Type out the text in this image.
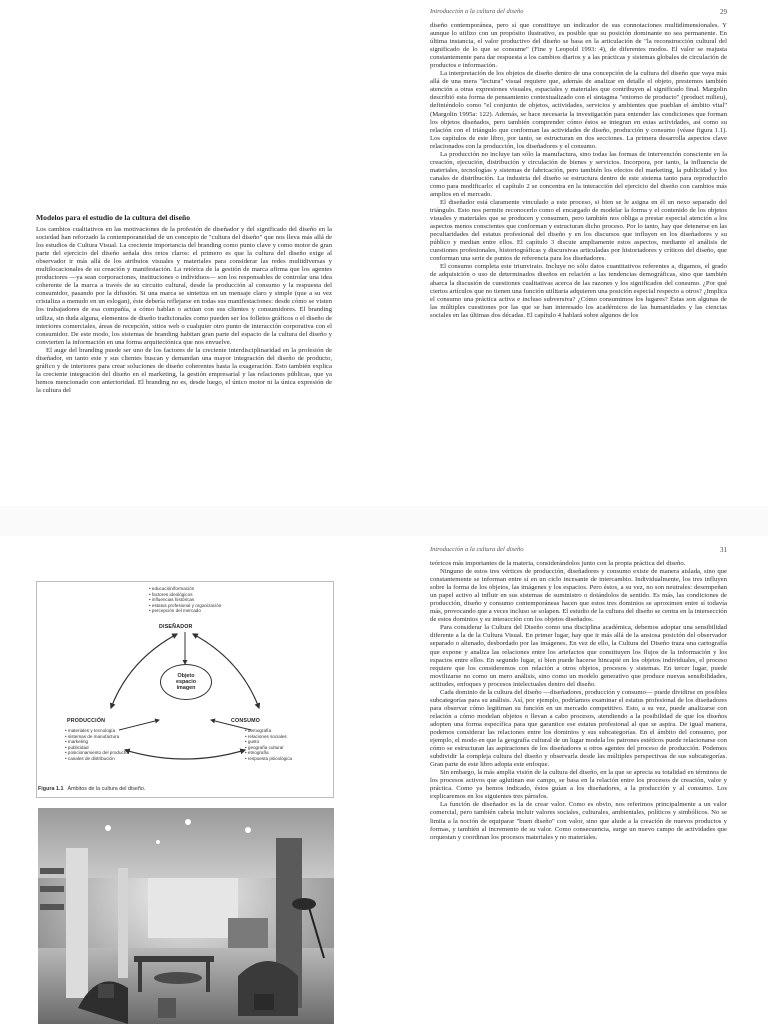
Modelos para el estudio de la cultura del diseño

Los cambios cualitativos en las motivaciones de la profesión de diseñador y del significado del diseño en la sociedad han reforzado la contemporaneidad de un concepto de "cultura del diseño" que nos lleva más allá de los estudios de Cultura Visual. La creciente importancia del branding como punto clave y como motor de gran parte del ejercicio del diseño señala dos retos claros: el primero es que la cultura del diseño exige al observador ir más allá de los atributos visuales y materiales para considerar las redes multidiversas y multilocacionales de su creación y manifestación. La retórica de la gestión de marca afirma que los agentes productores —ya sean corporaciones, instituciones o individuos— son los responsables de controlar una idea coherente de la marca a través de su circuito cultural, desde la producción al consumo y la respuesta del consumidor, pasando por la difusión. Si una marca se sintetiza en un mensaje claro y simple (que a su vez cristaliza a menudo en un eslogan), éste debería reflejarse en todas sus manifestaciones: desde cómo se visten los trabajadores de esa compañía, a cómo hablan o actúan con sus clientes y consumidores. El branding utiliza, sin duda alguna, elementos de diseño tradicionales como pueden ser los folletos gráficos o el diseño de interiores comerciales, áreas de recepción, sitios web o cualquier otro punto de interacción corporativa con el consumidor. De este modo, los sistemas de branding habitan gran parte del espacio de la cultura del diseño y convierten la información en una forma arquitectónica que nos envuelve.

El auge del branding puede ser uno de los factores de la creciente interdisciplinaridad en la profesión de diseñador, en tanto este y sus clientes buscan y demandan una mayor integración del diseño de producto, gráfico y de interiores para crear soluciones de diseño coherentes hasta la exageración. Esto también explica la creciente integración del diseño en el marketing, la gestión empresarial y las relaciones públicas, que ya hemos mencionado con anterioridad. El branding no es, desde luego, el único motor ni la única expresión de la cultura del

Introducción a la cultura del diseño	29

diseño contemporánea, pero sí que constituye un indicador de sus connotaciones multidimensionales. Y aunque lo utilizo con un propósito ilustrativo, es posible que su posición dominante no sea permanente. En última instancia, el valor productivo del diseño se basa en la articulación de "la reconstrucción cultural del significado de lo que se consume" (Fine y Leopold 1993: 4), de diferentes modos. El valor se reajusta constantemente para dar respuesta a los cambios diarios y a las prácticas y sistemas globales de circulación de productos e información.

La interpretación de los objetos de diseño dentro de una concepción de la cultura del diseño que vaya más allá de una mera "lectura" visual requiere que, además de analizar en detalle el objeto, prestemos también atención a otras expresiones visuales, espaciales y materiales que contribuyen al significado final. Margolin describió esta forma de pensamiento contextualizado con el sintagma "entorno de producto" (product milieu), definiéndolo como "el conjunto de objetos, actividades, servicios y ambientes que pueblan el ámbito vital" (Margolin 1995a: 122). Además, se hace necesaria la investigación para entender las condiciones que forman los objetos diseñados, pero también comprender cómo éstos se integran en estas actividades, así como su relación con el triángulo que conforman las actividades de diseño, producción y consumo (véase figura 1.1). Los capítulos de este libro, por tanto, se estructuran en dos secciones. La primera desarrolla aspectos clave relacionados con la producción, los diseñadores y el consumo.

La producción no incluye tan sólo la manufactura, sino todas las formas de intervención consciente en la creación, ejecución, distribución y circulación de bienes y servicios. Incorpora, por tanto, la influencia de materiales, tecnologías y sistemas de fabricación, pero también los efectos del marketing, la publicidad y los canales de distribución. La industria del diseño se estructura dentro de este sistema tanto para reproducirlo como para modificarlo: el capítulo 2 se concentra en la interacción del ejercicio del diseño con cambios más amplios en el mercado.

El diseñador está claramente vinculado a este proceso, si bien se le asigna en él un nexo separado del triángulo. Esto nos permite reconocerlo como el encargado de modelar la forma y el contenido de los objetos visuales y materiales que se producen y consumen, pero también nos obliga a prestar especial atención a los aspectos menos conscientes que conforman y estructuran dicho proceso. Por lo tanto, hay que detenerse en las peculiaridades del estatus profesional del diseño y en los discursos que influyen en los diseñadores y su público y median entre ellos. El capítulo 3 discute ampliamente estos aspectos, mediante el análisis de cuestiones profesionales, historiográficas y discursivas articuladas por historiadores y críticos del diseño, que conforman una serie de puntos de referencia para los diseñadores.

El consumo completa este triunvirato. Incluye no sólo datos cuantitativos referentes a, digamos, el grado de adquisición o uso de determinados diseños en relación a las tendencias demográficas, sino que también abarca la discusión de cuestiones cualitativas acerca de las razones y los significados del consumo. ¿Por qué ciertos artículos que no tienen una función utilitaria adquieren una posición especial respecto a otros? ¿Implica el consumo una práctica activa e incluso subversiva? ¿Cómo consumimos los lugares? Éstas son algunas de las múltiples cuestiones por las que se han interesado los académicos de las humanidades y las ciencias sociales en las últimas dos décadas. El capítulo 4 hablará sobre algunos de los

• educación/formación
• factores ideológicos
• influencias históricas
• estatus profesional y organización
• percepción del mercado
DISEÑADOR
Objeto
espacio
imagen
PRODUCCIÓN
• materiales y tecnología
• sistemas de manufactura
• marketing
• publicidad
• posicionamiento del producto
• canales de distribución
CONSUMO
• demografía
• relaciones sociales
• gusto
• geografía cultural
• etnografía
• respuesta psicológica
Figura 1.1 Ámbitos de la cultura del diseño.
Introducción a la cultura del diseño	31

teóricos más importantes de la materia, considerándolos junto con la propia práctica del diseño.

Ninguno de estos tres vértices de producción, diseñadores y consumo existe de manera aislada, sino que constantemente se informan entre sí en un ciclo incesante de intercambio. Individualmente, los tres influyen sobre la forma de los objetos, las imágenes y los espacios. Pero éstos, a su vez, no son neutrales: desempeñan un papel activo al influir en sus sistemas de suministro o dotándolos de sentido. Es más, las condiciones de producción, diseño y consumo contemporáneas hacen que estos tres dominios se aproximen entre sí todavía más, provocando que a veces incluso se solapen. El estudio de la cultura del diseño se centra en la intersección de estos dominios y su interacción con los objetos diseñados.

Para considerar la Cultura del Diseño como una disciplina académica, debemos adoptar una sensibilidad diferente a la de la Cultura Visual. En primer lugar, hay que ir más allá de la ansiosa posición del observador separado o alienado, desbordado por las imágenes. En vez de ello, la Cultura del Diseño traza una cartografía que expone y analiza las relaciones entre los artefactos que constituyen los flujos de la información y los espacios entre ellos. En segundo lugar, si bien puede hacerse hincapié en los objetos individuales, el proceso requiere que los consideremos con relación a otros objetos, procesos y sistemas. En tercer lugar, puede movilizarse no como un mero análisis, sino como un modelo generativo que produce nuevas sensibilidades, actitudes, enfoques y procesos intelectuales dentro del diseño.

Cada dominio de la cultura del diseño —diseñadores, producción y consumo— puede dividirse en posibles subcategorías para su análisis. Así, por ejemplo, podríamos examinar el estatus profesional de los diseñadores para observar cómo legitiman su función en un mercado competitivo. Esto, a su vez, puede analizarse con relación a cómo modelan objetos o llevan a cabo procesos, atendiendo a la posibilidad de que los diseños adopten una forma específica para que garantice ese estatus profesional al que se aspira. De igual manera, podemos considerar las relaciones entre los dominios y sus subcategorías. En el ámbito del consumo, por ejemplo, el modo en que la geografía cultural de un lugar modela los patrones estéticos puede relacionarse con cómo se estructuran las aspiraciones de los diseñadores u otros agentes del proceso de producción. Podemos subdividir la compleja cultura del diseño y observarla desde las múltiples perspectivas de sus subcategorías. Gran parte de este libro adopta este enfoque.

Sin embargo, la más amplia visión de la cultura del diseño, en la que se aprecia su totalidad en términos de los procesos activos que aglutinan ese campo, se basa en la relación entre los procesos de creación, valor y práctica. Como ya hemos indicado, éstos guían a los diseñadores, a la producción y al consumo. Los explicaremos en los siguientes tres párrafos.

La función de diseñador es la de crear valor. Como es obvio, nos referimos principalmente a un valor comercial, pero también cabría incluir valores sociales, culturales, ambientales, políticos y simbólicos. No se limita a la noción de equiparar "buen diseño" con valor, sino que alude a la creación de nuevos productos y formas, y también al incremento de su valor. Como consecuencia, surge un nuevo campo de actividades que orquestan y coordinan los procesos materiales y no materiales.
